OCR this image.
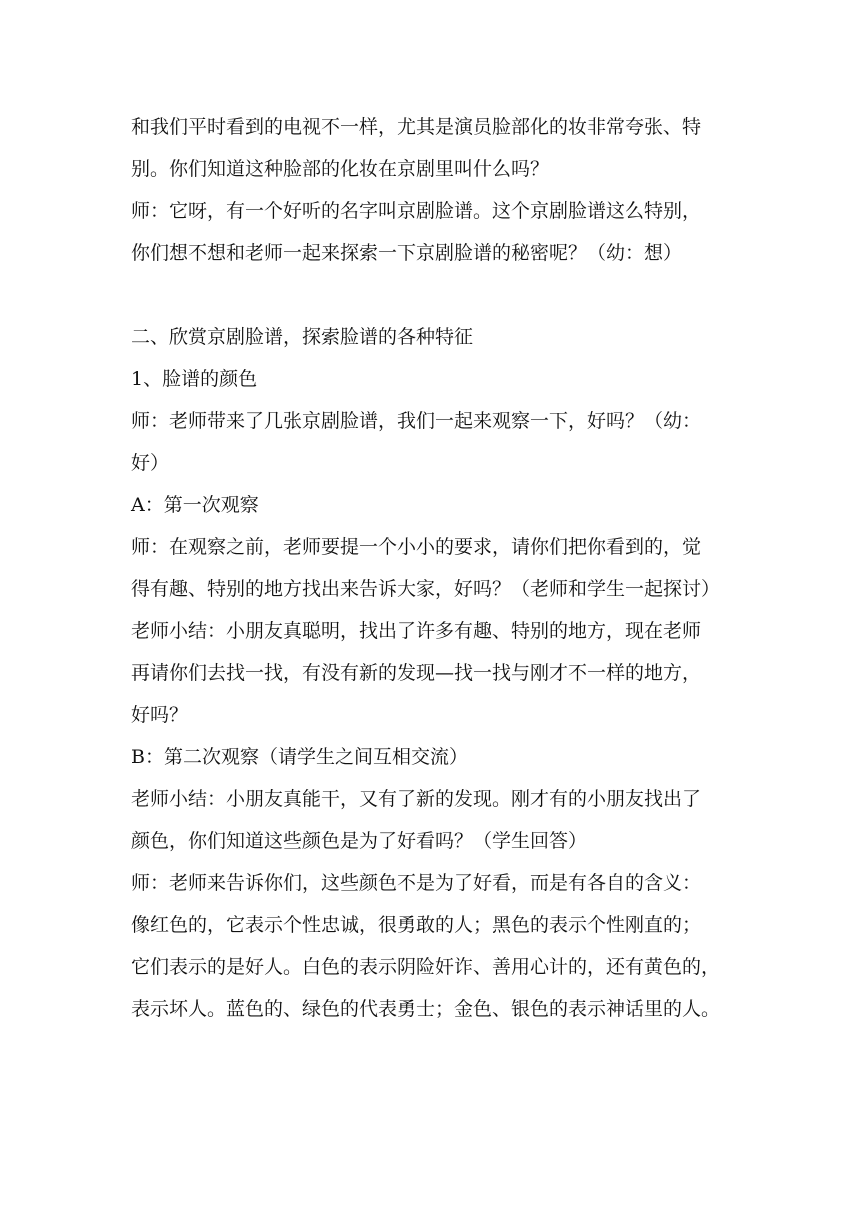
和我们平时看到的电视不一样，尤其是演员脸部化的妆非常夸张、特
别。你们知道这种脸部的化妆在京剧里叫什么吗？
师：它呀，有一个好听的名字叫京剧脸谱。这个京剧脸谱这么特别，
你们想不想和老师一起来探索一下京剧脸谱的秘密呢？（幼：想）
二、欣赏京剧脸谱，探索脸谱的各种特征
1、脸谱的颜色
师：老师带来了几张京剧脸谱，我们一起来观察一下，好吗？（幼：
好）
A：第一次观察
师：在观察之前，老师要提一个小小的要求，请你们把你看到的，觉
得有趣、特别的地方找出来告诉大家，好吗？（老师和学生一起探讨）
老师小结：小朋友真聪明，找出了许多有趣、特别的地方，现在老师
再请你们去找一找，有没有新的发现—找一找与刚才不一样的地方，
好吗？
B：第二次观察（请学生之间互相交流）
老师小结：小朋友真能干，又有了新的发现。刚才有的小朋友找出了
颜色，你们知道这些颜色是为了好看吗？（学生回答）
师：老师来告诉你们，这些颜色不是为了好看，而是有各自的含义：
像红色的，它表示个性忠诚，很勇敢的人；黑色的表示个性刚直的；
它们表示的是好人。白色的表示阴险奸诈、善用心计的，还有黄色的，
表示坏人。蓝色的、绿色的代表勇士；金色、银色的表示神话里的人。
